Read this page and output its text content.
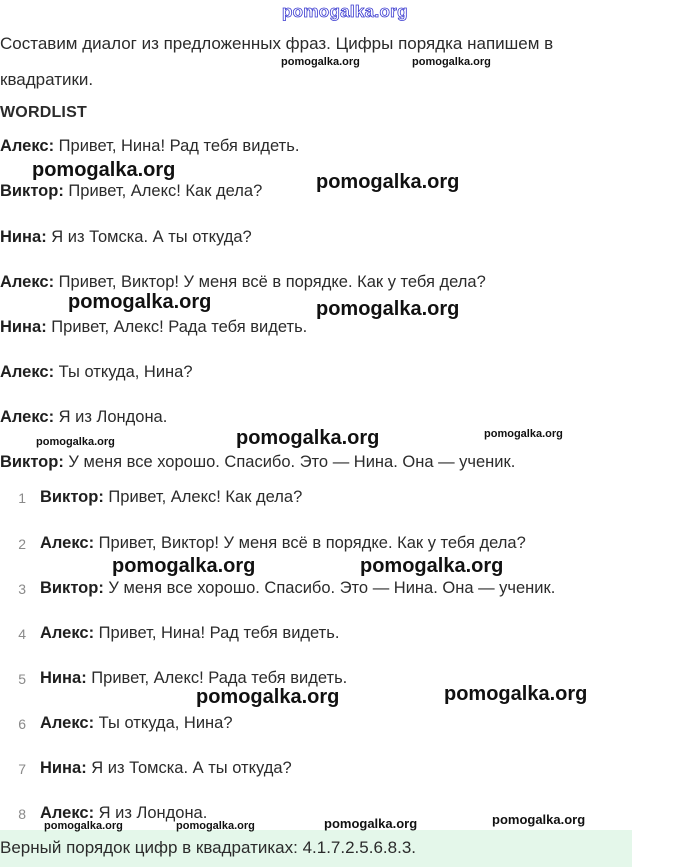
pomogalka.org
Составим диалог из предложенных фраз. Цифры порядка напишем в
квадратики.
WORDLIST
Алекс: Привет, Нина! Рад тебя видеть.
Виктор: Привет, Алекс! Как дела?
Нина: Я из Томска. А ты откуда?
Алекс: Привет, Виктор! У меня всё в порядке. Как у тебя дела?
Нина: Привет, Алекс! Рада тебя видеть.
Алекс: Ты откуда, Нина?
Алекс: Я из Лондона.
Виктор: У меня все хорошо. Спасибо. Это — Нина. Она — ученик.
1 Виктор: Привет, Алекс! Как дела?
2 Алекс: Привет, Виктор! У меня всё в порядке. Как у тебя дела?
3 Виктор: У меня все хорошо. Спасибо. Это — Нина. Она — ученик.
4 Алекс: Привет, Нина! Рад тебя видеть.
5 Нина: Привет, Алекс! Рада тебя видеть.
6 Алекс: Ты откуда, Нина?
7 Нина: Я из Томска. А ты откуда?
8 Алекс: Я из Лондона.
Верный порядок цифр в квадратиках: 4.1.7.2.5.6.8.3.
pomogalka.org	pomogalka.org
pomogalka.org
pomogalka.org
pomogalka.org	pomogalka.org
pomogalka.org	pomogalka.org	pomogalka.org
pomogalka.org	pomogalka.org
pomogalka.org	pomogalka.org
pomogalka.org	pomogalka.org	pomogalka.org	pomogalka.org
